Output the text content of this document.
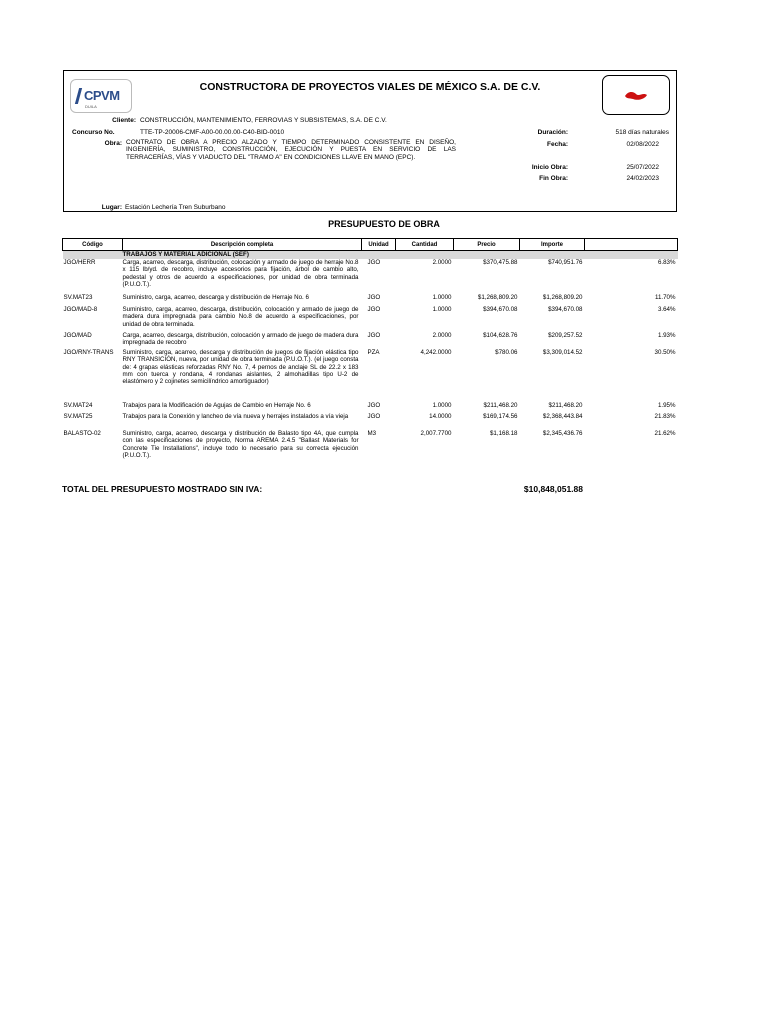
CPVM
DUILA
CONSTRUCTORA DE PROYECTOS VIALES DE MÉXICO S.A. DE C.V.
Cliente: CONSTRUCCIÓN, MANTENIMIENTO, FERROVIAS Y SUBSISTEMAS, S.A. DE C.V.
Concurso No.	TTE-TP-20006-CMF-A00-00.00.00-C40-BID-0010
Obra: CONTRATO DE OBRA A PRECIO ALZADO Y TIEMPO DETERMINADO CONSISTENTE EN DISEÑO, INGENIERÍA, SUMINISTRO, CONSTRUCCIÓN, EJECUCIÓN Y PUESTA EN SERVICIO DE LAS TERRACERÍAS, VÍAS Y VIADUCTO DEL "TRAMO A" EN CONDICIONES LLAVE EN MANO (EPC).
Duración:	518 días naturales
Fecha:	02/08/2022
Inicio Obra:	25/07/2022
Fin Obra:	24/02/2023
Lugar: Estación Lechería Tren Suburbano
PRESUPUESTO DE OBRA
Código	Descripción completa	Unidad	Cantidad	Precio	Importe	
	TRABAJOS Y MATERIAL ADICIONAL (SEF)					
JGO/HERR	Carga, acarreo, descarga, distribución, colocación y armado de juego de herraje No.8 x 115 lb/yd. de recobro, incluye accesorios para fijación, árbol de cambio alto, pedestal y otros de acuerdo a especificaciones, por unidad de obra terminada (P.U.O.T.).	JGO	2.0000	$370,475.88	$740,951.76	6.83%
SV.MAT23	Suministro, carga, acarreo, descarga y distribución de Herraje No. 6	JGO	1.0000	$1,268,809.20	$1,268,809.20	11.70%
JGO/MAD-8	Suministro, carga, acarreo, descarga, distribución, colocación y armado de juego de madera dura impregnada para cambio No.8 de acuerdo a especificaciones, por unidad de obra terminada.	JGO	1.0000	$394,670.08	$394,670.08	3.64%
JGO/MAD	Carga, acarreo, descarga, distribución, colocación y armado de juego de madera dura impregnada de recobro	JGO	2.0000	$104,628.76	$209,257.52	1.93%
JGO/RNY-TRANS	Suministro, carga, acarreo, descarga y distribución de juegos de fijación elástica tipo RNY TRANSICIÓN, nueva, por unidad de obra terminada (P.U.O.T.). (el juego consta de: 4 grapas elásticas reforzadas RNY No. 7, 4 pernos de anclaje SL de 22.2 x 183 mm con tuerca y rondana, 4 rondanas aislantes, 2 almohadillas tipo U-2 de elastómero y 2 cojinetes semicilíndrico amortiguador)	PZA	4,242.0000	$780.06	$3,309,014.52	30.50%
SV.MAT24	Trabajos para la Modificación de Agujas de Cambio en Herraje No. 6	JGO	1.0000	$211,468.20	$211,468.20	1.95%
SV.MAT25	Trabajos para la Conexión y lancheo de vía nueva y herrajes instalados a vía vieja	JGO	14.0000	$169,174.56	$2,368,443.84	21.83%
BALASTO-02	Suministro, carga, acarreo, descarga y distribución de Balasto tipo 4A, que cumpla con las especificaciones de proyecto, Norma AREMA 2.4.5 "Ballast Materials for Concrete Tie Installations", incluye todo lo necesario para su correcta ejecución (P.U.O.T.).	M3	2,007.7700	$1,168.18	$2,345,436.76	21.62%
TOTAL DEL PRESUPUESTO MOSTRADO SIN IVA:	$10,848,051.88
